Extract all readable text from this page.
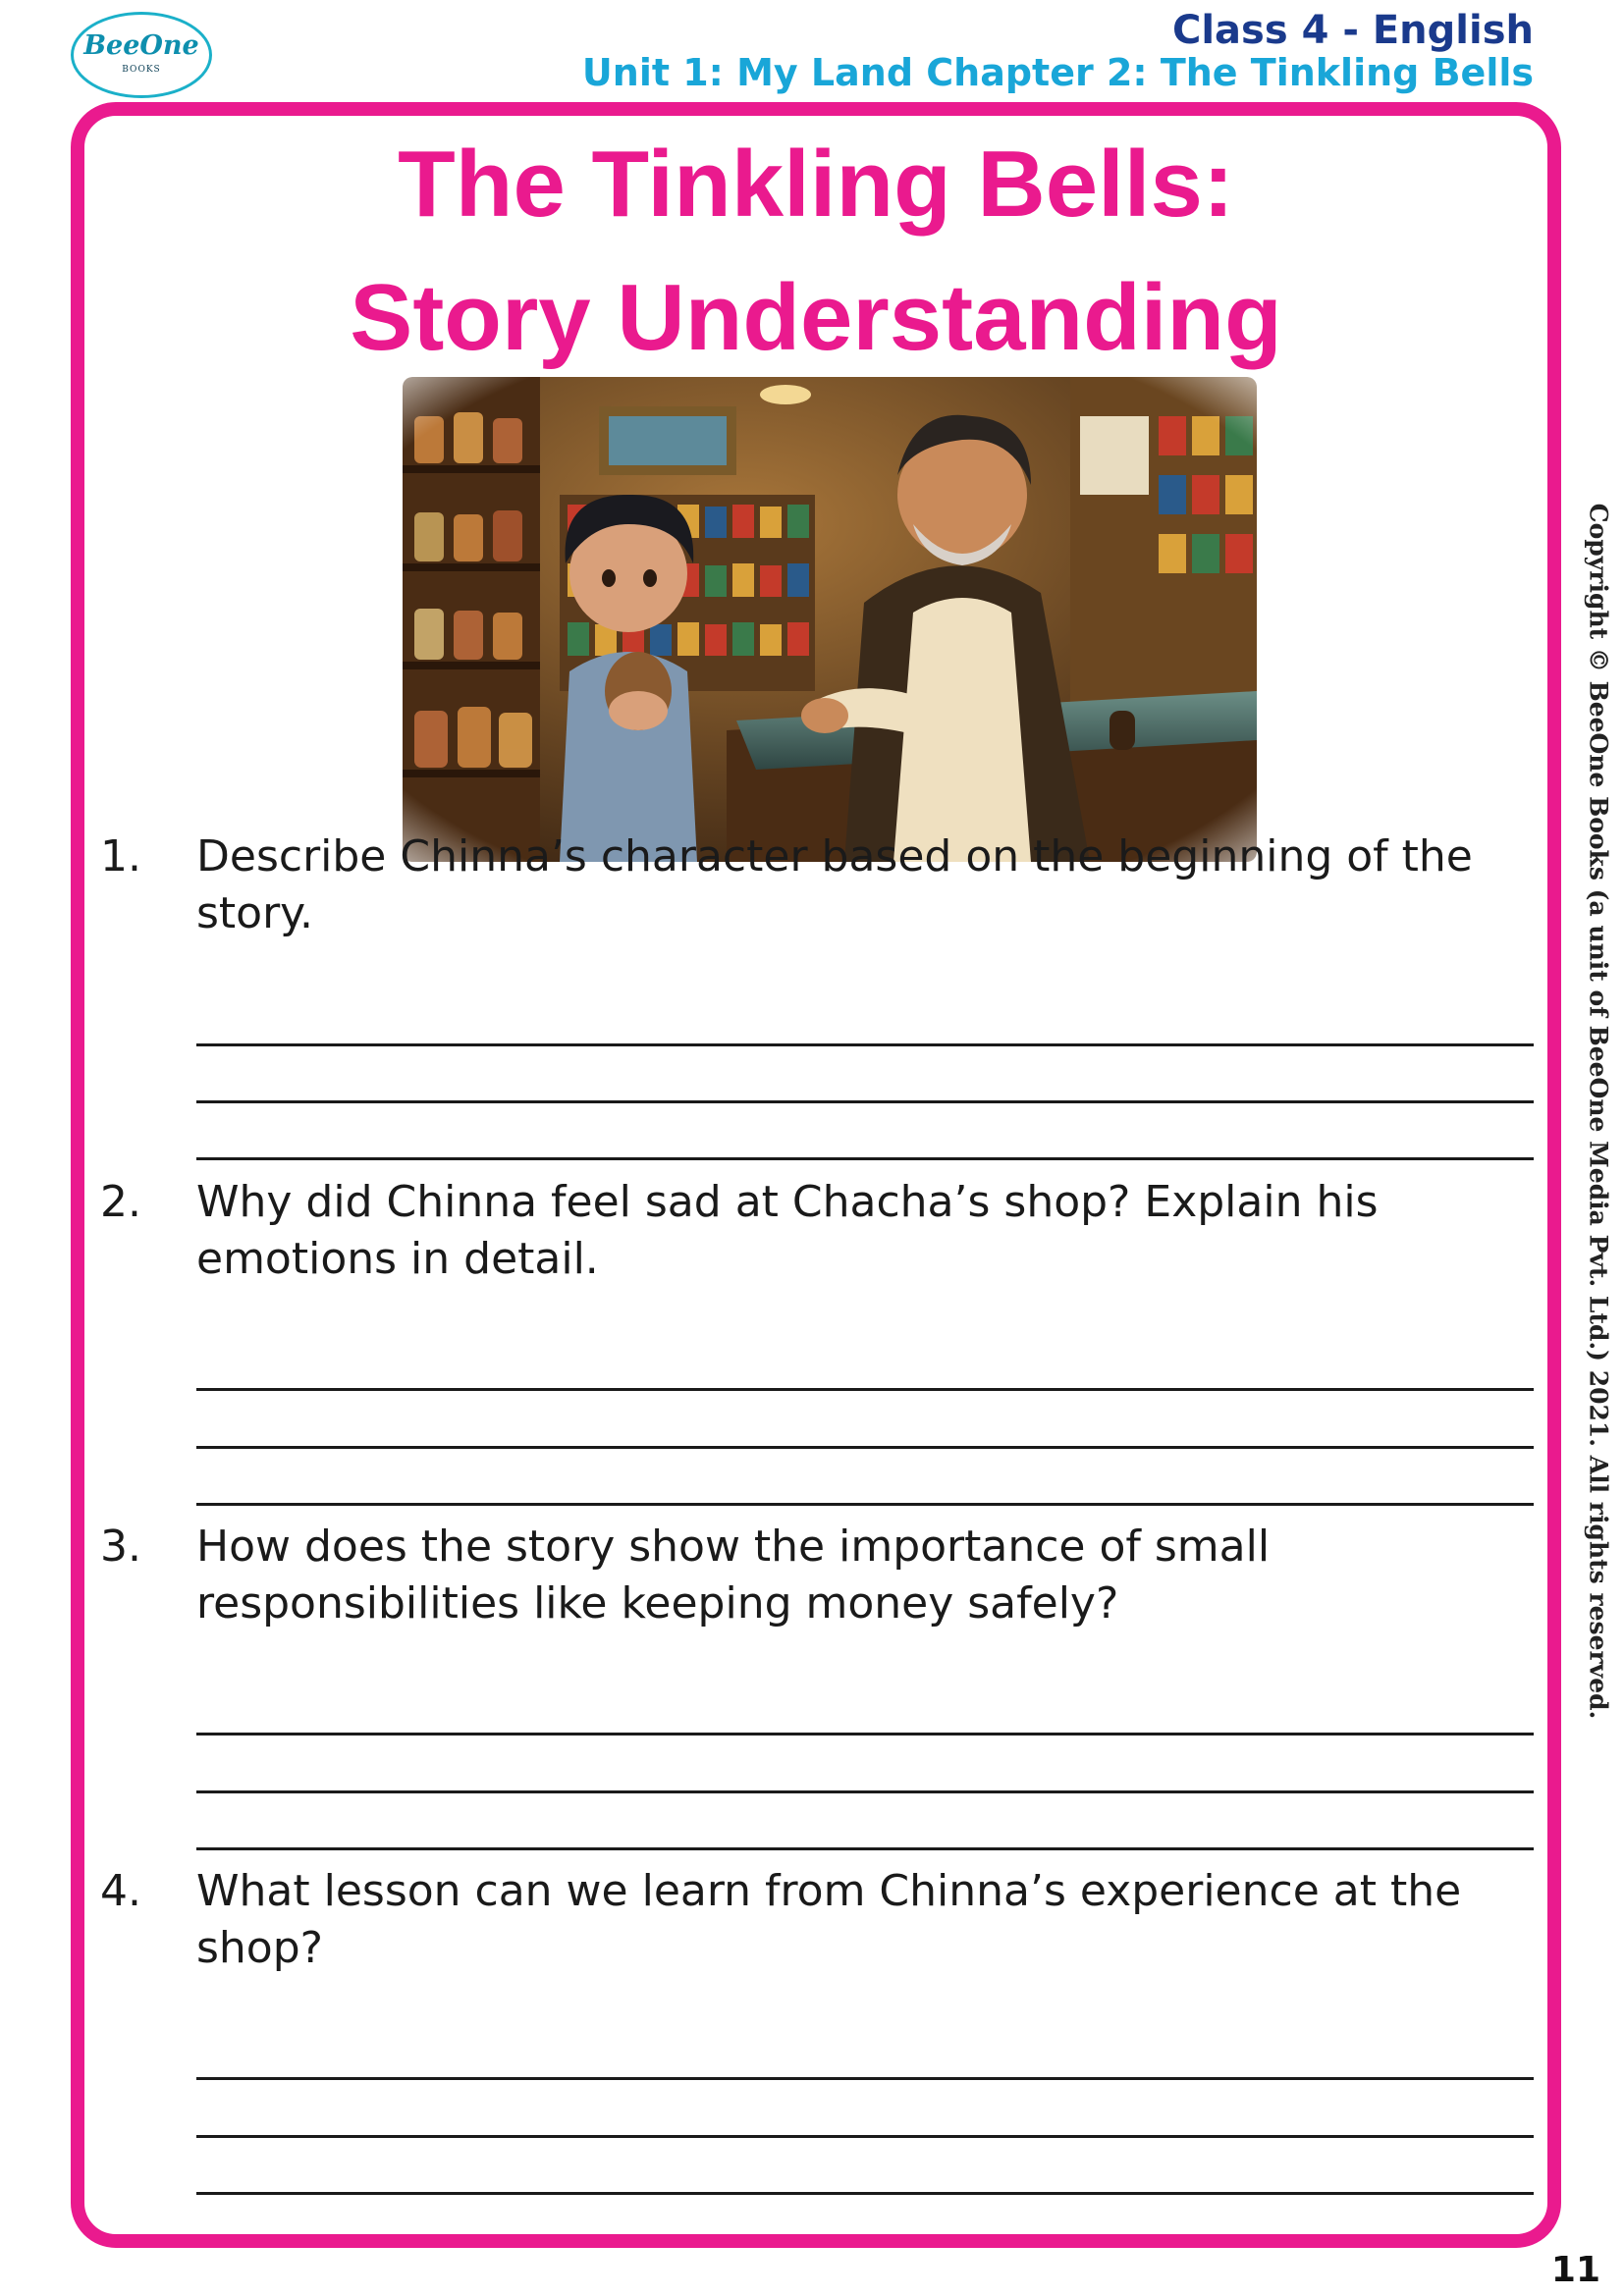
BeeOne
BOOKS
Class 4 - English
Unit 1: My Land Chapter 2: The Tinkling Bells
The Tinkling Bells:
Story Understanding
1. Describe Chinna’s character based on the beginning of the story.

2. Why did Chinna feel sad at Chacha’s shop? Explain his emotions in detail.

3. How does the story show the importance of small responsibilities like keeping money safely?

4. What lesson can we learn from Chinna’s experience at the shop?

Copyright © BeeOne Books (a unit of BeeOne Media Pvt. Ltd.) 2021. All rights reserved.
11
